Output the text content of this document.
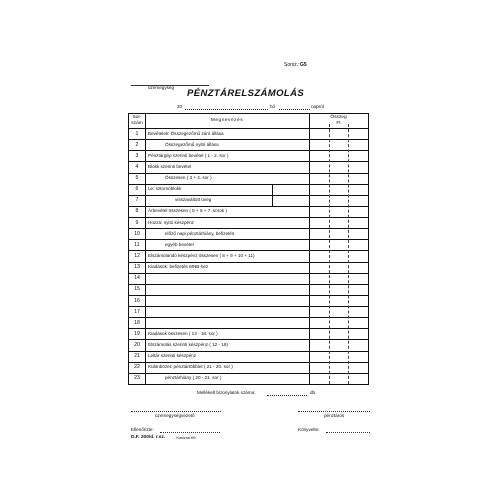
Sorsz.: G5
üzemegység
PÉNZTÁRELSZÁMOLÁS
20	hó	napról
Sor-
szám
Megnevezés
Összeg
Ft
1	Bevételek: Összegezőmű záró állása
2	Összegezőmű nyitó állása
3	Pénztárgép szerinti bevétel ( 1 - 2. sor )
4	Blokk szerinti bevétel
5	Összesen ( 3 + 4. sor )
6	Le: sztornóblokk
7	visszaváltott üveg
8	Árbevétel összesen ( 5 + 6 + 7. sorok )
9	Hozzá: nyitó készpénz
10	előző napi pénztárhiány, befizetés
11	egyéb bevétel
12	Elszámolandó készpénz összesen ( 8 + 9 + 10 + 11)
13	Kiadások: befizetés MNB-hez
14
15
16
17
18
19	Kiadások összesen ( 13 - 18. sor )
20	Elszámolás szerinti készpénz ( 12 - 19)
21	Leltár szerinti készpénz
22	Különbözet: pénztártöbblet ( 21 - 20. sor )
23	pénztárhiány ( 20 - 21. sor )
Mellékelt bizonylatok száma:	db
üzemegységvezető	pénztáros
Ellenőrizte:	Könyvelte:
D.F. 200/d. r.sz. - Kanizsa Kft.
